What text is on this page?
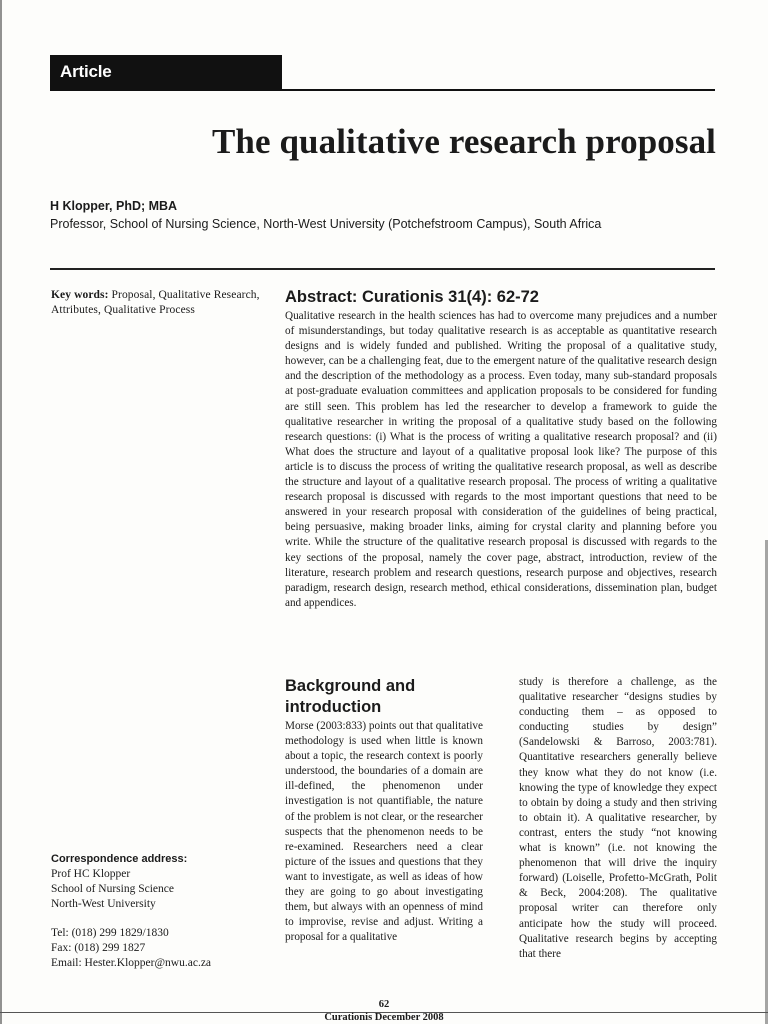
Article
The qualitative research proposal
H Klopper, PhD; MBA
Professor, School of Nursing Science, North-West University (Potchefstroom Campus), South Africa
Key words: Proposal, Qualitative Research, Attributes, Qualitative Process
Abstract: Curationis 31(4): 62-72

Qualitative research in the health sciences has had to overcome many prejudices and a number of misunderstandings, but today qualitative research is as acceptable as quantitative research designs and is widely funded and published. Writing the proposal of a qualitative study, however, can be a challenging feat, due to the emergent nature of the qualitative research design and the description of the methodology as a process. Even today, many sub-standard proposals at post-graduate evaluation committees and application proposals to be considered for funding are still seen. This problem has led the researcher to develop a framework to guide the qualitative researcher in writing the proposal of a qualitative study based on the following research questions: (i) What is the process of writing a qualitative research proposal? and (ii) What does the structure and layout of a qualitative proposal look like? The purpose of this article is to discuss the process of writing the qualitative research proposal, as well as describe the structure and layout of a qualitative research proposal. The process of writing a qualitative research proposal is discussed with regards to the most important questions that need to be answered in your research proposal with consideration of the guidelines of being practical, being persuasive, making broader links, aiming for crystal clarity and planning before you write. While the structure of the qualitative research proposal is discussed with regards to the key sections of the proposal, namely the cover page, abstract, introduction, review of the literature, research problem and research questions, research purpose and objectives, research paradigm, research design, research method, ethical considerations, dissemination plan, budget and appendices.

Background and introduction

Morse (2003:833) points out that qualitative methodology is used when little is known about a topic, the research context is poorly understood, the boundaries of a domain are ill-defined, the phenomenon under investigation is not quantifiable, the nature of the problem is not clear, or the researcher suspects that the phenomenon needs to be re-examined. Researchers need a clear picture of the issues and questions that they want to investigate, as well as ideas of how they are going to go about investigating them, but always with an openness of mind to improvise, revise and adjust. Writing a proposal for a qualitative

study is therefore a challenge, as the qualitative researcher “designs studies by conducting them – as opposed to conducting studies by design” (Sandelowski & Barroso, 2003:781). Quantitative researchers generally believe they know what they do not know (i.e. knowing the type of knowledge they expect to obtain by doing a study and then striving to obtain it). A qualitative researcher, by contrast, enters the study “not knowing what is known” (i.e. not knowing the phenomenon that will drive the inquiry forward) (Loiselle, Profetto-McGrath, Polit & Beck, 2004:208). The qualitative proposal writer can therefore only anticipate how the study will proceed. Qualitative research begins by accepting that there

Correspondence address:
Prof HC Klopper
School of Nursing Science
North-West University
Tel: (018) 299 1829/1830
Fax: (018) 299 1827
Email: Hester.Klopper@nwu.ac.za
62
Curationis December 2008
